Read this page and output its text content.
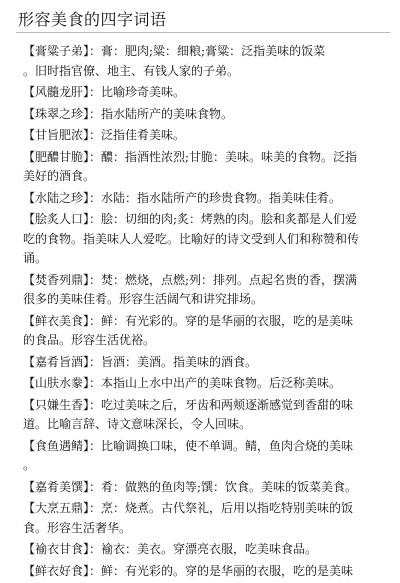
形容美食的四字词语
【膏粱子弟】：膏：肥肉;粱：细粮;膏粱：泛指美味的饭菜
。旧时指官僚、地主、有钱人家的子弟。
【风髓龙肝】：比喻珍奇美味。
【珠翠之珍】：指水陆所产的美味食物。
【甘旨肥浓】：泛指佳肴美味。
【肥醲甘脆】：醲：指酒性浓烈;甘脆：美味。味美的食物。泛指
美好的酒食。
【水陆之珍】：水陆：指水陆所产的珍贵食物。指美味佳肴。
【脍炙人口】：脍：切细的肉;炙：烤熟的肉。脍和炙都是人们爱
吃的食物。指美味人人爱吃。比喻好的诗文受到人们和称赞和传
诵。
【焚香列鼎】：焚：燃烧，点燃;列：排列。点起名贵的香，摆满
很多的美味佳肴。形容生活阔气和讲究排场。
【鲜衣美食】：鲜：有光彩的。穿的是华丽的衣服，吃的是美味
的食品。形容生活优裕。
【嘉肴旨酒】：旨酒：美酒。指美味的酒食。
【山肤水豢】：本指山上水中出产的美味食物。后泛称美味。
【只嫌生香】：吃过美味之后，牙齿和两颊逐渐感觉到香甜的味
道。比喻言辞、诗文意味深长，令人回味。
【食鱼遇鲭】：比喻调换口味，使不单调。鲭，鱼肉合烧的美味
。
【嘉肴美馔】：肴：做熟的鱼肉等;馔：饮食。美味的饭菜美食。
【大烹五鼎】：烹：烧煮。古代祭礼，后用以指吃特别美味的饭
食。形容生活奢华。
【褕衣甘食】：褕衣：美衣。穿漂亮衣服，吃美味食品。
【鲜衣好食】：鲜：有光彩的。穿的是华丽的衣服，吃的是美味
